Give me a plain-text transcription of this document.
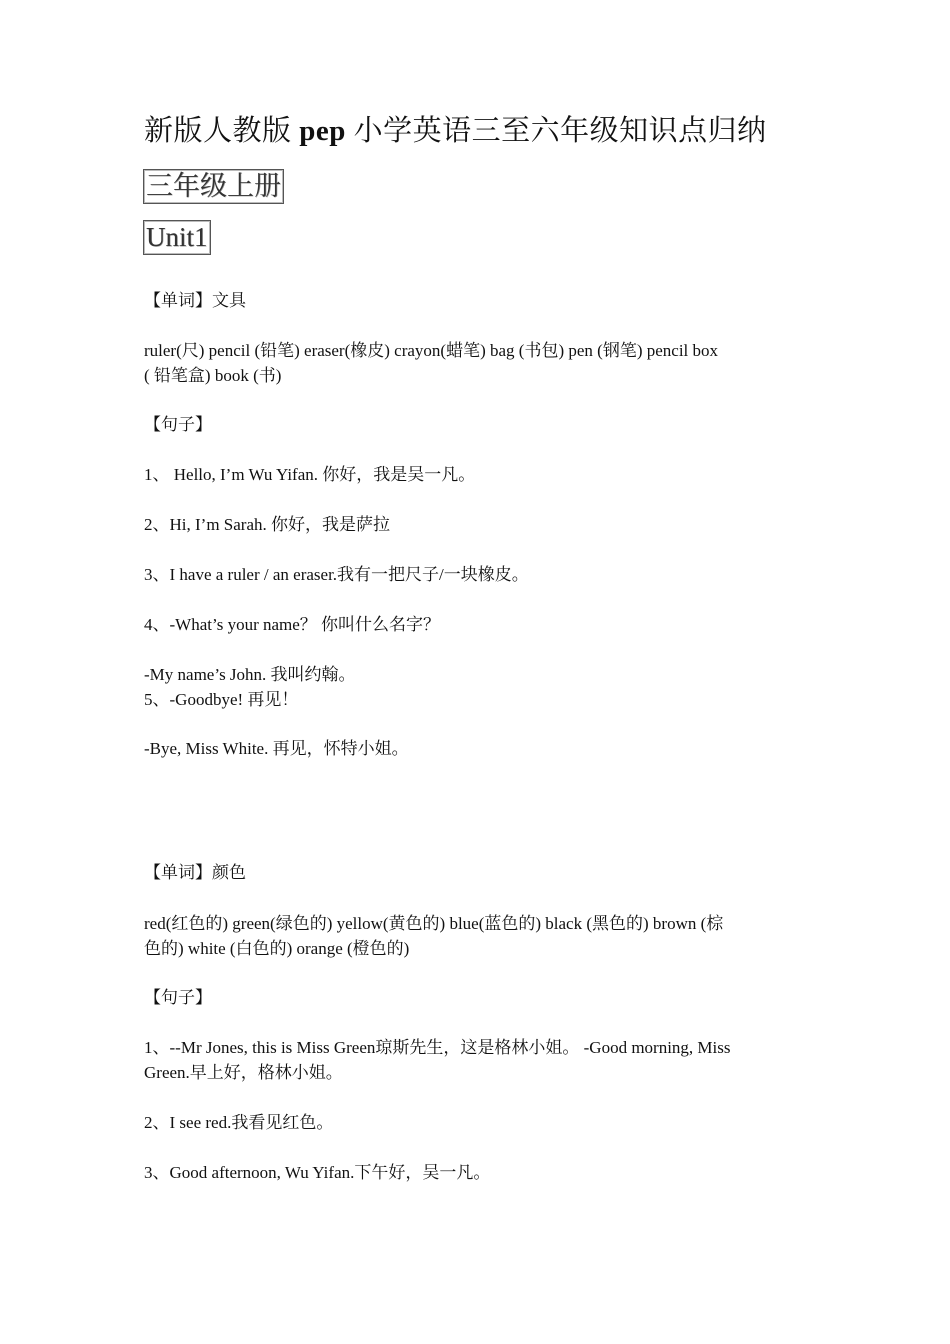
新版人教版 pep 小学英语三至六年级知识点归纳
三年级上册
Unit1
【单词】文具
ruler(尺) pencil (铅笔) eraser(橡皮) crayon(蜡笔) bag (书包) pen (钢笔) pencil box
( 铅笔盒) book (书)
【句子】
1、 Hello, I’m Wu Yifan. 你好，我是吴一凡。
2、Hi, I’m Sarah. 你好，我是萨拉
3、I have a ruler / an eraser.我有一把尺子/一块橡皮。
4、-What’s your name？ 你叫什么名字？
-My name’s John. 我叫约翰。
5、-Goodbye! 再见！
-Bye, Miss White. 再见，怀特小姐。
【单词】颜色
red(红色的) green(绿色的) yellow(黄色的) blue(蓝色的) black (黑色的) brown (棕
色的) white (白色的) orange (橙色的)
【句子】
1、--Mr Jones, this is Miss Green琼斯先生，这是格林小姐。 -Good morning, Miss
Green.早上好，格林小姐。
2、I see red.我看见红色。
3、Good afternoon, Wu Yifan.下午好，吴一凡。
